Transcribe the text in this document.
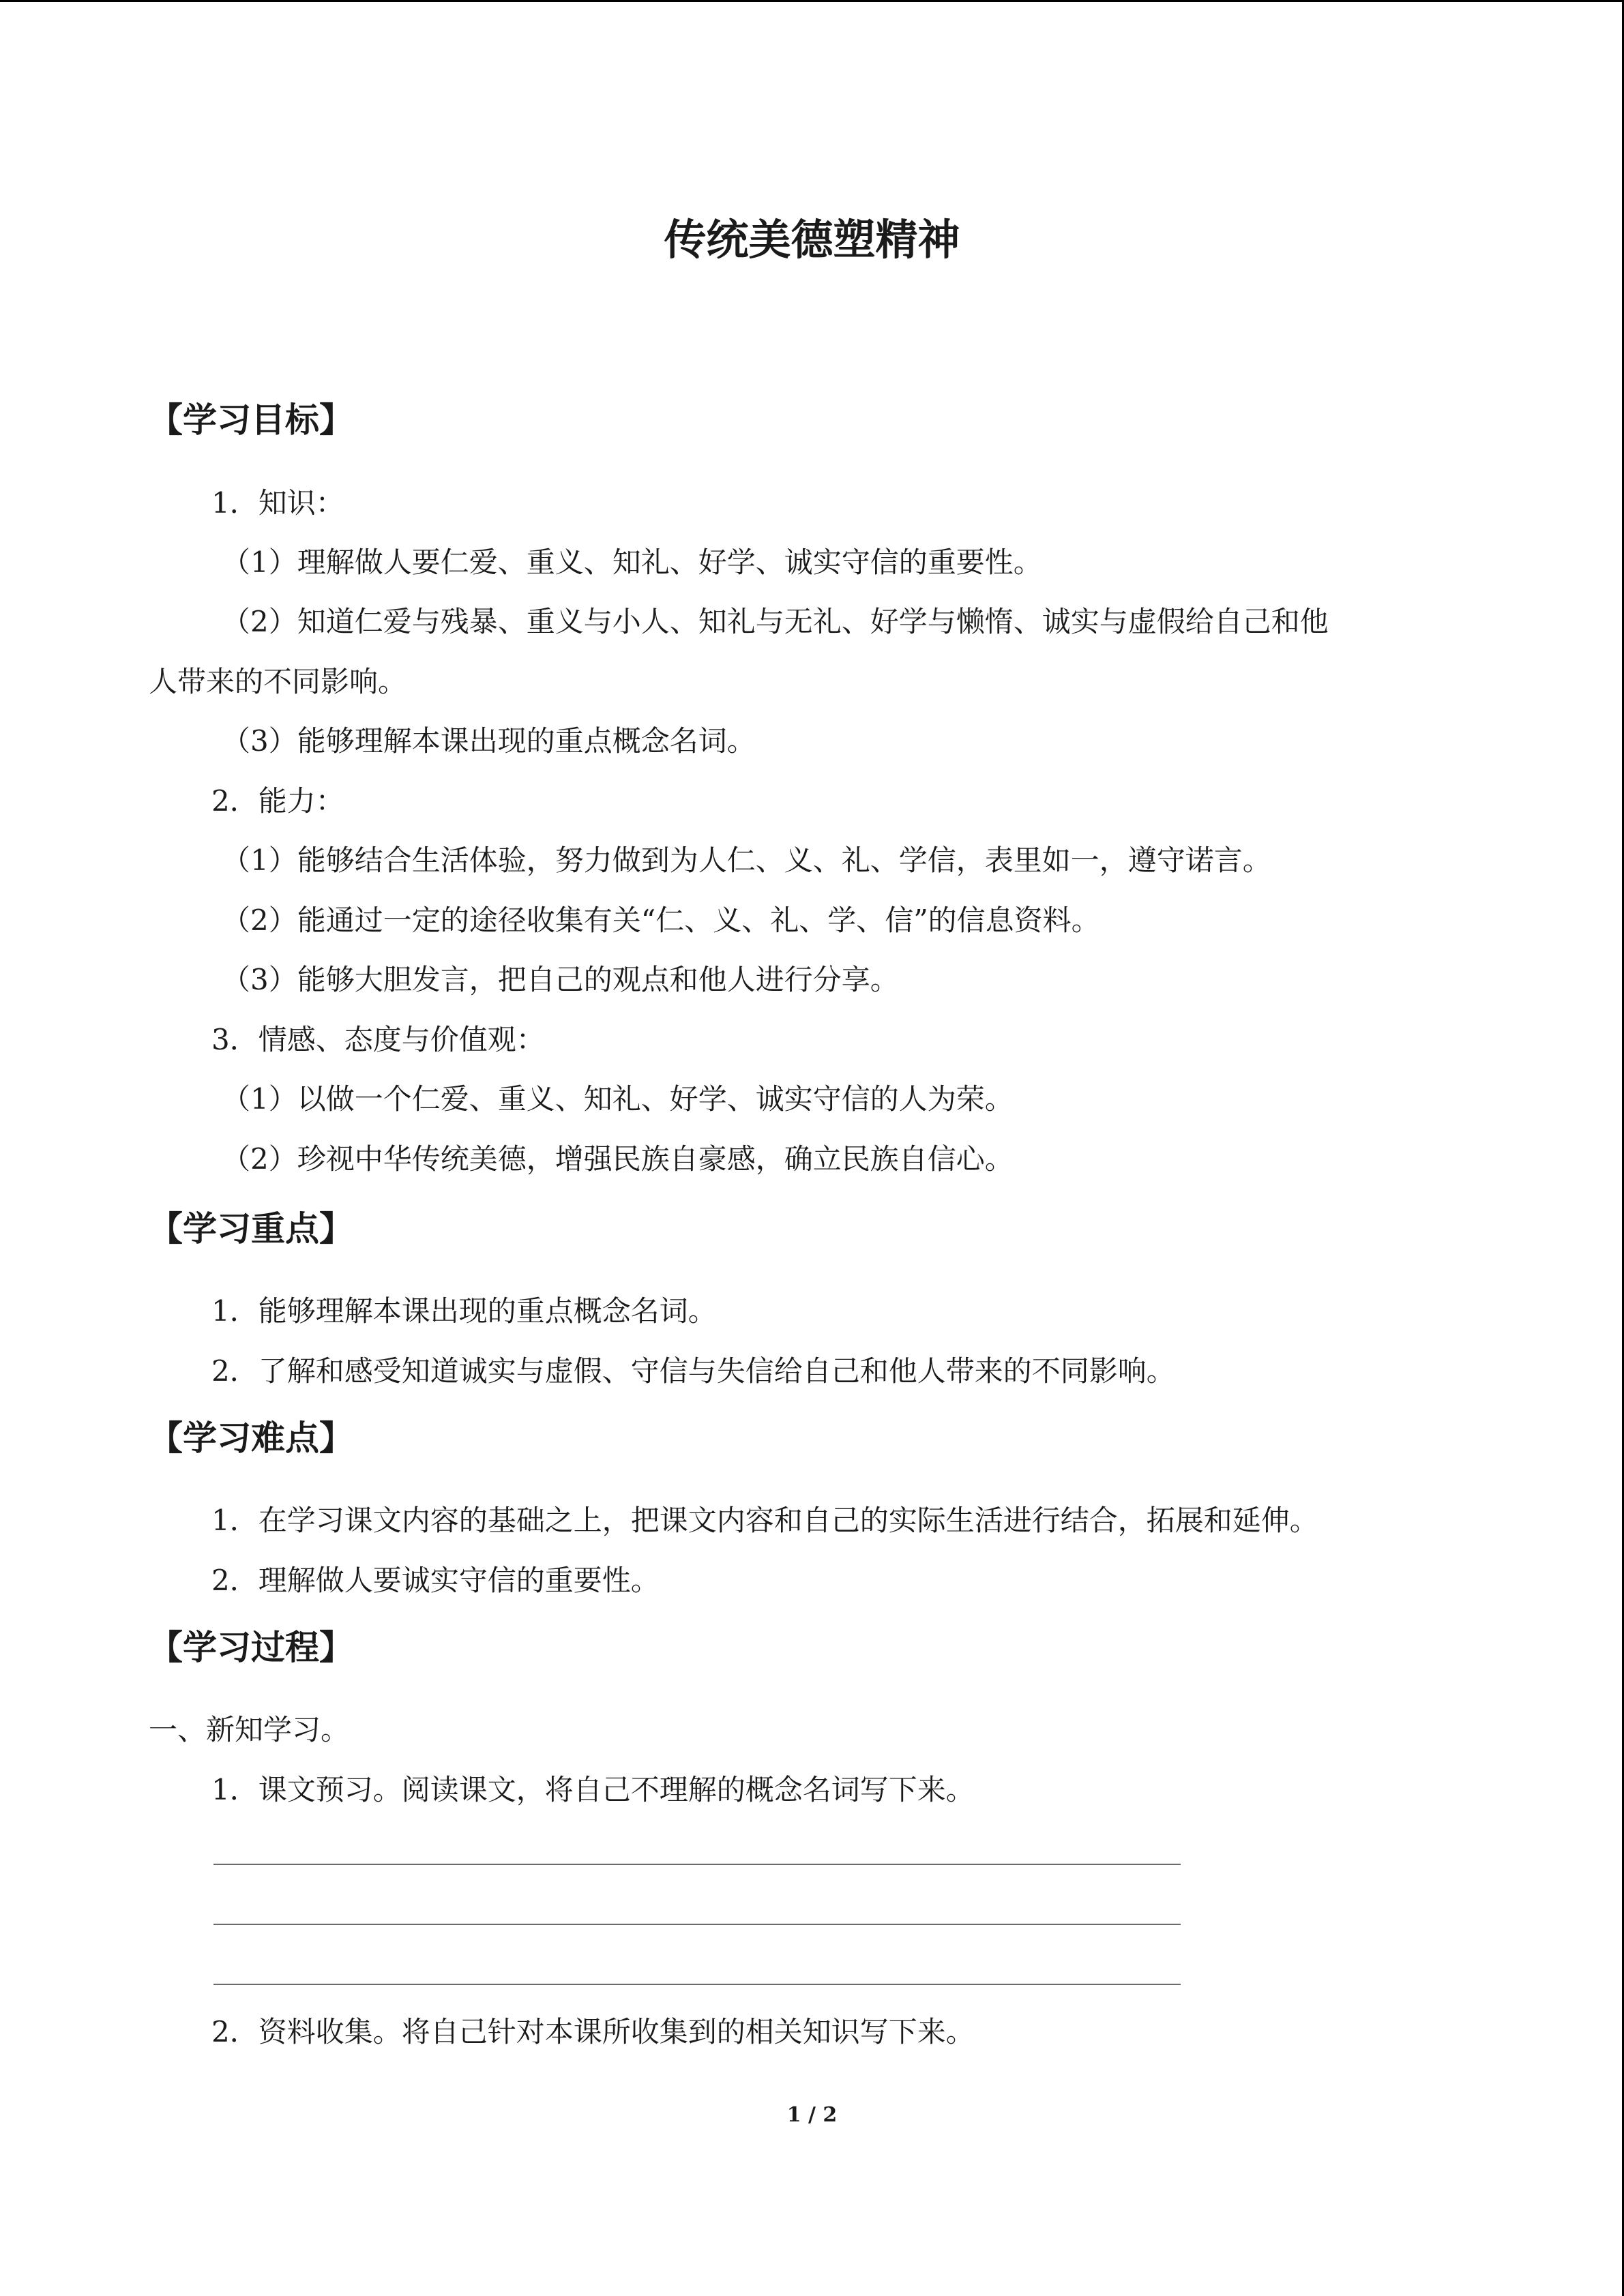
传统美德塑精神
【学习目标】
1．知识：
（1）理解做人要仁爱、重义、知礼、好学、诚实守信的重要性。
（2）知道仁爱与残暴、重义与小人、知礼与无礼、好学与懒惰、诚实与虚假给自己和他
人带来的不同影响。
（3）能够理解本课出现的重点概念名词。
2．能力：
（1）能够结合生活体验，努力做到为人仁、义、礼、学信，表里如一，遵守诺言。
（2）能通过一定的途径收集有关“仁、义、礼、学、信”的信息资料。
（3）能够大胆发言，把自己的观点和他人进行分享。
3．情感、态度与价值观：
（1）以做一个仁爱、重义、知礼、好学、诚实守信的人为荣。
（2）珍视中华传统美德，增强民族自豪感，确立民族自信心。
【学习重点】
1．能够理解本课出现的重点概念名词。
2．了解和感受知道诚实与虚假、守信与失信给自己和他人带来的不同影响。
【学习难点】
1．在学习课文内容的基础之上，把课文内容和自己的实际生活进行结合，拓展和延伸。
2．理解做人要诚实守信的重要性。
【学习过程】
一、新知学习。
1．课文预习。阅读课文，将自己不理解的概念名词写下来。
2．资料收集。将自己针对本课所收集到的相关知识写下来。
1 / 2
